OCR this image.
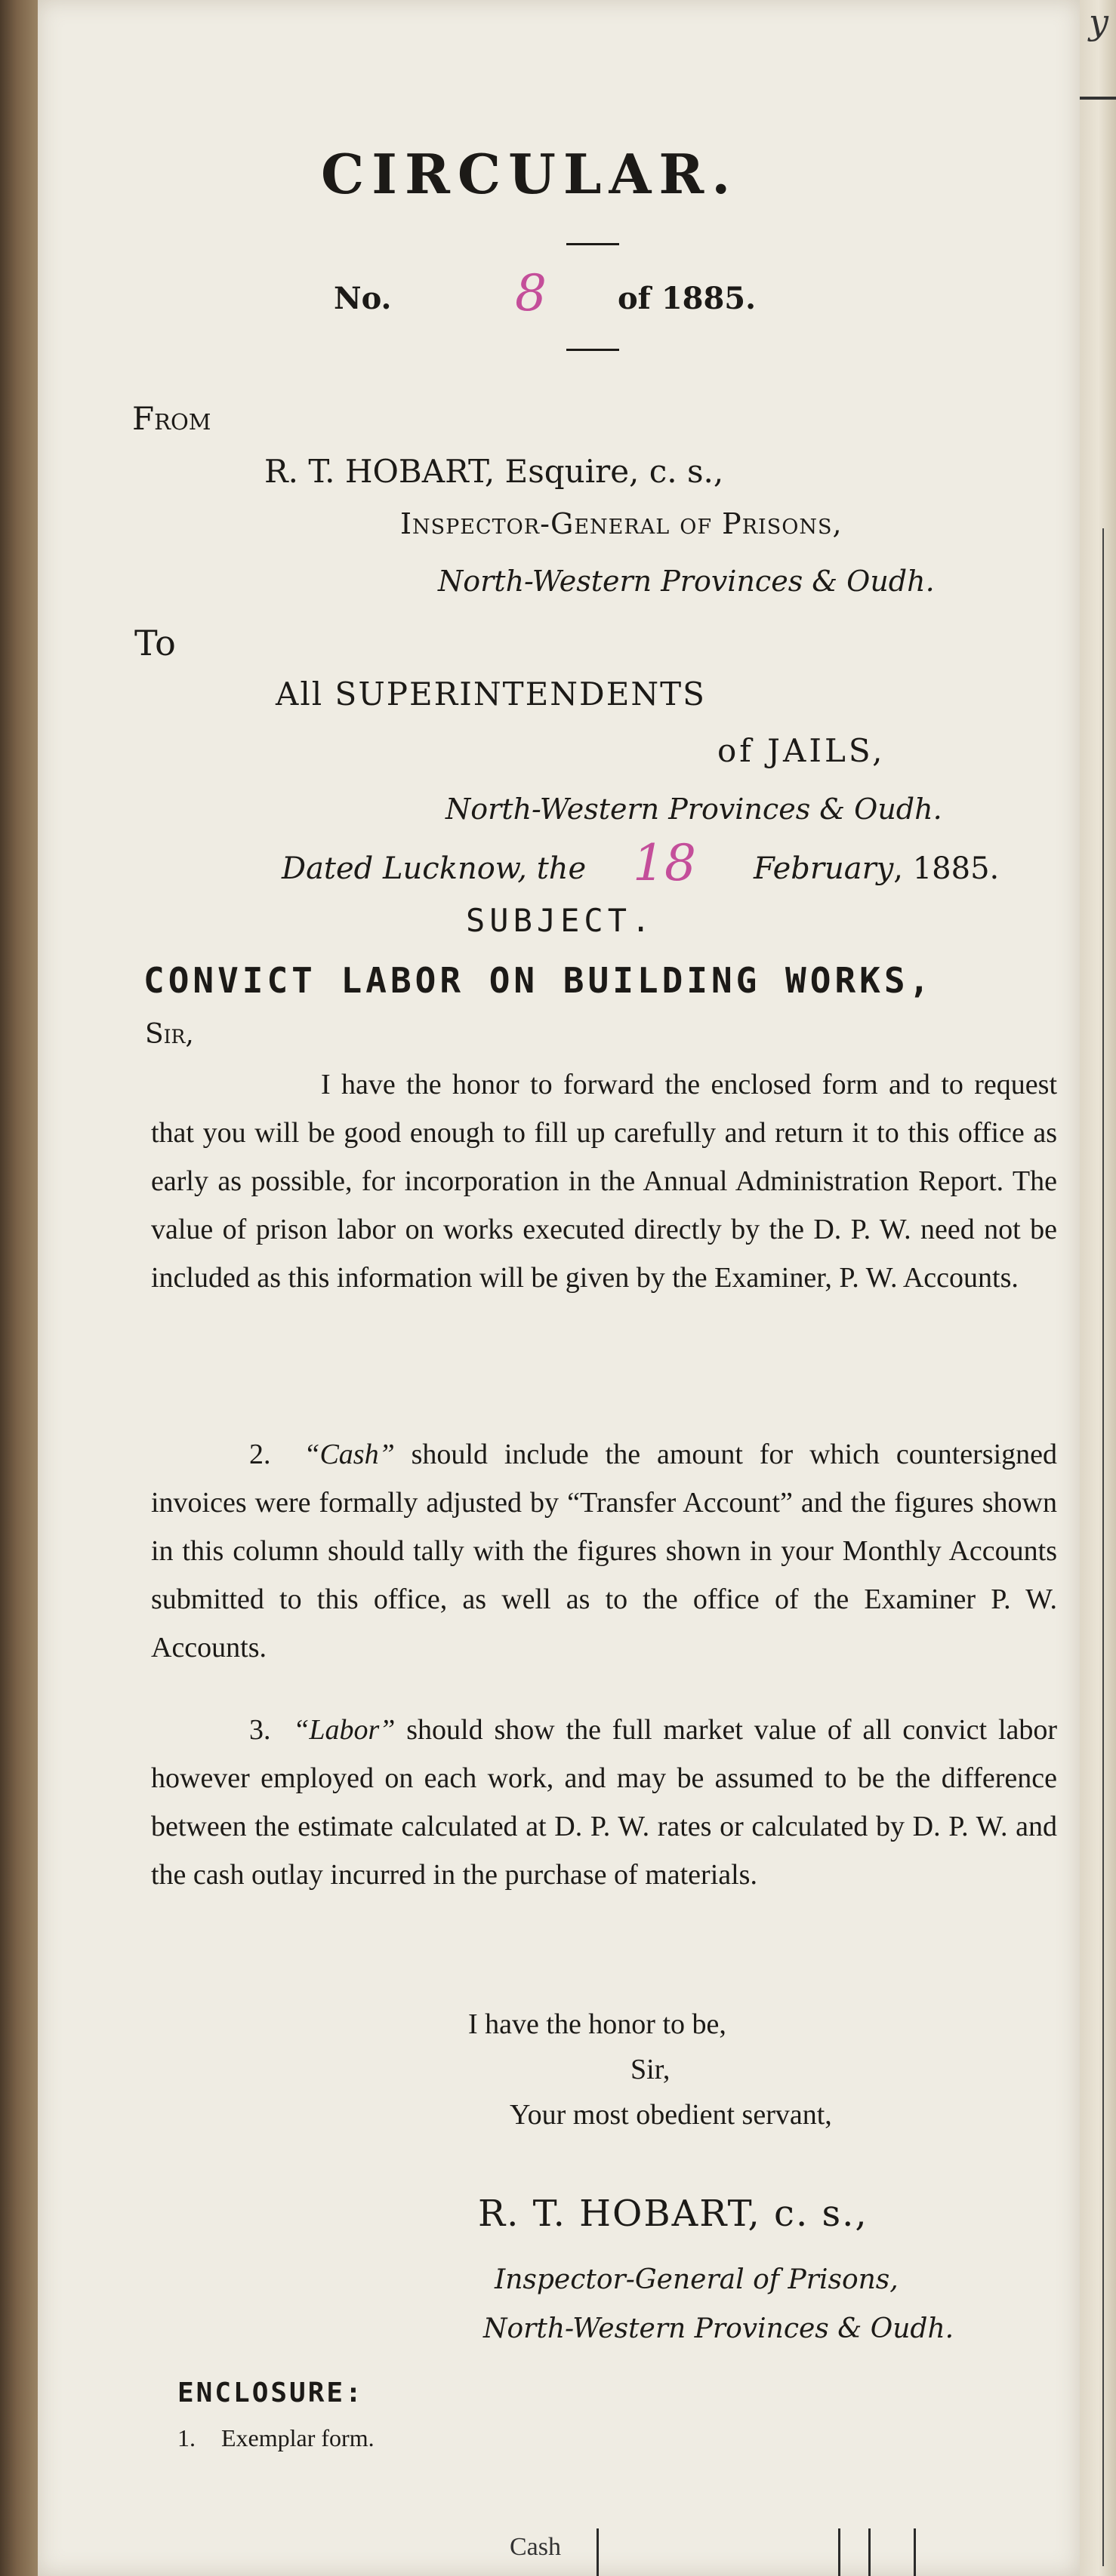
y
CIRCULAR.
No. 8 of 1885.
From
R. T. HOBART, Esquire, c. s.,
Inspector-General of Prisons,
North-Western Provinces & Oudh.
To
All SUPERINTENDENTS
of JAILS,
North-Western Provinces & Oudh.
Dated Lucknow, the 18 February, 1885.
SUBJECT.
CONVICT LABOR ON BUILDING WORKS,
Sir,
I have the honor to forward the enclosed form and to request that you will be good enough to fill up carefully and return it to this office as early as possible, for incorporation in the Annual Administration Report. The value of prison labor on works executed directly by the D. P. W. need not be included as this information will be given by the Examiner, P. W. Accounts.
2. “Cash” should include the amount for which countersigned invoices were formally adjusted by “Transfer Account” and the figures shown in this column should tally with the figures shown in your Monthly Accounts submitted to this office, as well as to the office of the Examiner P. W. Accounts.
3. “Labor” should show the full market value of all convict labor however employed on each work, and may be assumed to be the difference between the estimate calculated at D. P. W. rates or calculated by D. P. W. and the cash outlay incurred in the purchase of materials.
I have the honor to be,
Sir,
Your most obedient servant,
R. T. HOBART, c. s.,
Inspector-General of Prisons,
North-Western Provinces & Oudh.
ENCLOSURE:
1. Exemplar form.
Cash
